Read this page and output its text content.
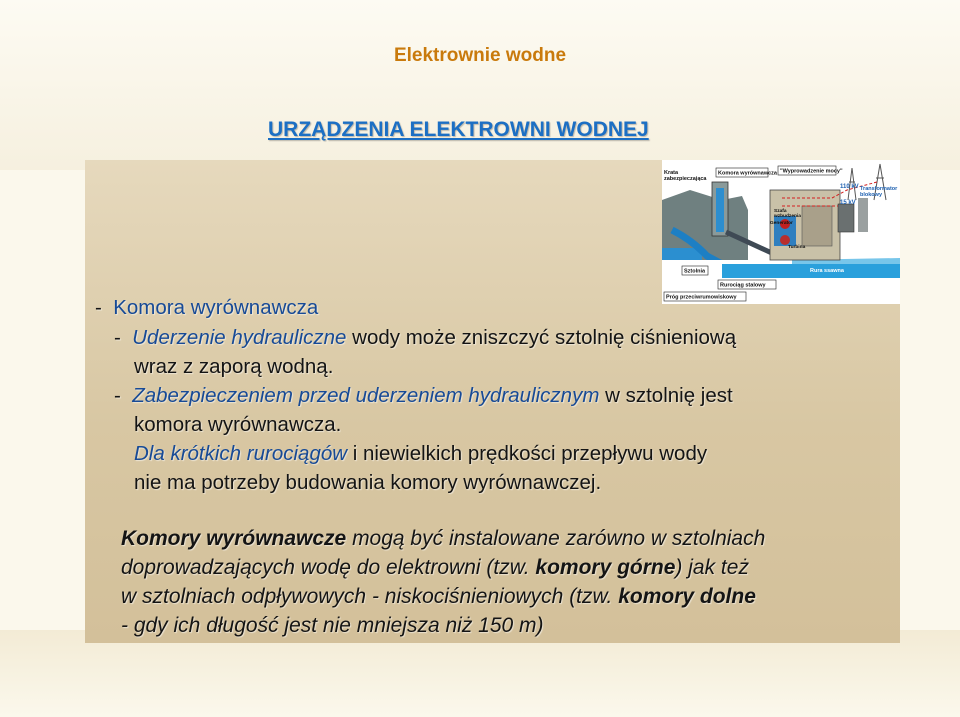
Elektrownie wodne
URZĄDZENIA ELEKTROWNI WODNEJ
Krata
zabezpieczająca
Komora wyrównawcza "Wyprowadzenie mocy"
110 kV
15 kV
Transformator
blokowy
Szafa
wzbudzenia
Generator
Turbina
Sztolnia	Rura ssawna
Rurociąg stalowy
Próg przeciwrumowiskowy
- Komora wyrównawcza
- Uderzenie hydrauliczne wody może zniszczyć sztolnię ciśnieniową
wraz z zaporą wodną.
- Zabezpieczeniem przed uderzeniem hydraulicznym w sztolnię jest
komora wyrównawcza.
Dla krótkich rurociągów i niewielkich prędkości przepływu wody
nie ma potrzeby budowania komory wyrównawczej.
Komory wyrównawcze mogą być instalowane zarówno w sztolniach
doprowadzających wodę do elektrowni (tzw. komory górne) jak też
w sztolniach odpływowych - niskociśnieniowych (tzw. komory dolne
- gdy ich długość jest nie mniejsza niż 150 m)
